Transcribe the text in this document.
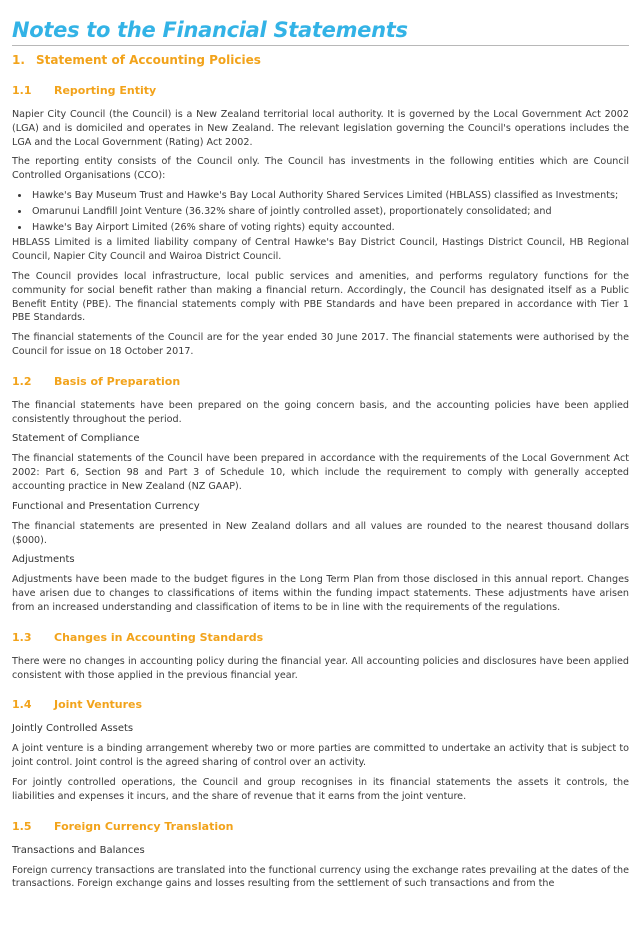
Notes to the Financial Statements
1. Statement of Accounting Policies
1.1 Reporting Entity

Napier City Council (the Council) is a New Zealand territorial local authority. It is governed by the Local Government Act 2002 (LGA) and is domiciled and operates in New Zealand. The relevant legislation governing the Council's operations includes the LGA and the Local Government (Rating) Act 2002.

The reporting entity consists of the Council only. The Council has investments in the following entities which are Council Controlled Organisations (CCO):

• Hawke's Bay Museum Trust and Hawke's Bay Local Authority Shared Services Limited (HBLASS) classified as Investments;
• Omarunui Landfill Joint Venture (36.32% share of jointly controlled asset), proportionately consolidated; and
• Hawke's Bay Airport Limited (26% share of voting rights) equity accounted.

HBLASS Limited is a limited liability company of Central Hawke's Bay District Council, Hastings District Council, HB Regional Council, Napier City Council and Wairoa District Council.

The Council provides local infrastructure, local public services and amenities, and performs regulatory functions for the community for social benefit rather than making a financial return. Accordingly, the Council has designated itself as a Public Benefit Entity (PBE). The financial statements comply with PBE Standards and have been prepared in accordance with Tier 1 PBE Standards.

The financial statements of the Council are for the year ended 30 June 2017. The financial statements were authorised by the Council for issue on 18 October 2017.

1.2 Basis of Preparation

The financial statements have been prepared on the going concern basis, and the accounting policies have been applied consistently throughout the period.

Statement of Compliance

The financial statements of the Council have been prepared in accordance with the requirements of the Local Government Act 2002: Part 6, Section 98 and Part 3 of Schedule 10, which include the requirement to comply with generally accepted accounting practice in New Zealand (NZ GAAP).

Functional and Presentation Currency

The financial statements are presented in New Zealand dollars and all values are rounded to the nearest thousand dollars ($000).

Adjustments

Adjustments have been made to the budget figures in the Long Term Plan from those disclosed in this annual report. Changes have arisen due to changes to classifications of items within the funding impact statements. These adjustments have arisen from an increased understanding and classification of items to be in line with the requirements of the regulations.

1.3 Changes in Accounting Standards

There were no changes in accounting policy during the financial year. All accounting policies and disclosures have been applied consistent with those applied in the previous financial year.

1.4 Joint Ventures
Jointly Controlled Assets

A joint venture is a binding arrangement whereby two or more parties are committed to undertake an activity that is subject to joint control. Joint control is the agreed sharing of control over an activity.

For jointly controlled operations, the Council and group recognises in its financial statements the assets it controls, the liabilities and expenses it incurs, and the share of revenue that it earns from the joint venture.

1.5 Foreign Currency Translation
Transactions and Balances

Foreign currency transactions are translated into the functional currency using the exchange rates prevailing at the dates of the transactions. Foreign exchange gains and losses resulting from the settlement of such transactions and from the
